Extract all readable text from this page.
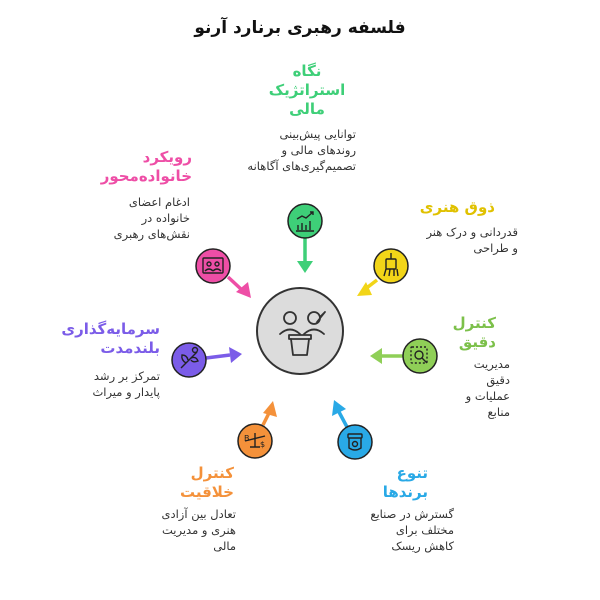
B
$
فلسفه رهبری برنارد آرنو
نگاه استراتژیک مالی
توانایی پیش‌بینی روندهای مالی و تصمیم‌گیری‌های آگاهانه
ذوق هنری
قدردانی و درک هنر و طراحی
کنترل دقیق
مدیریت دقیق عملیات و منابع
تنوع برندها
گسترش در صنایع مختلف برای کاهش ریسک
کنترل خلاقیت
تعادل بین آزادی هنری و مدیریت مالی
سرمایه‌گذاری بلندمدت
تمرکز بر رشد پایدار و میراث
رویکرد خانواده‌محور
ادغام اعضای خانواده در نقش‌های رهبری
